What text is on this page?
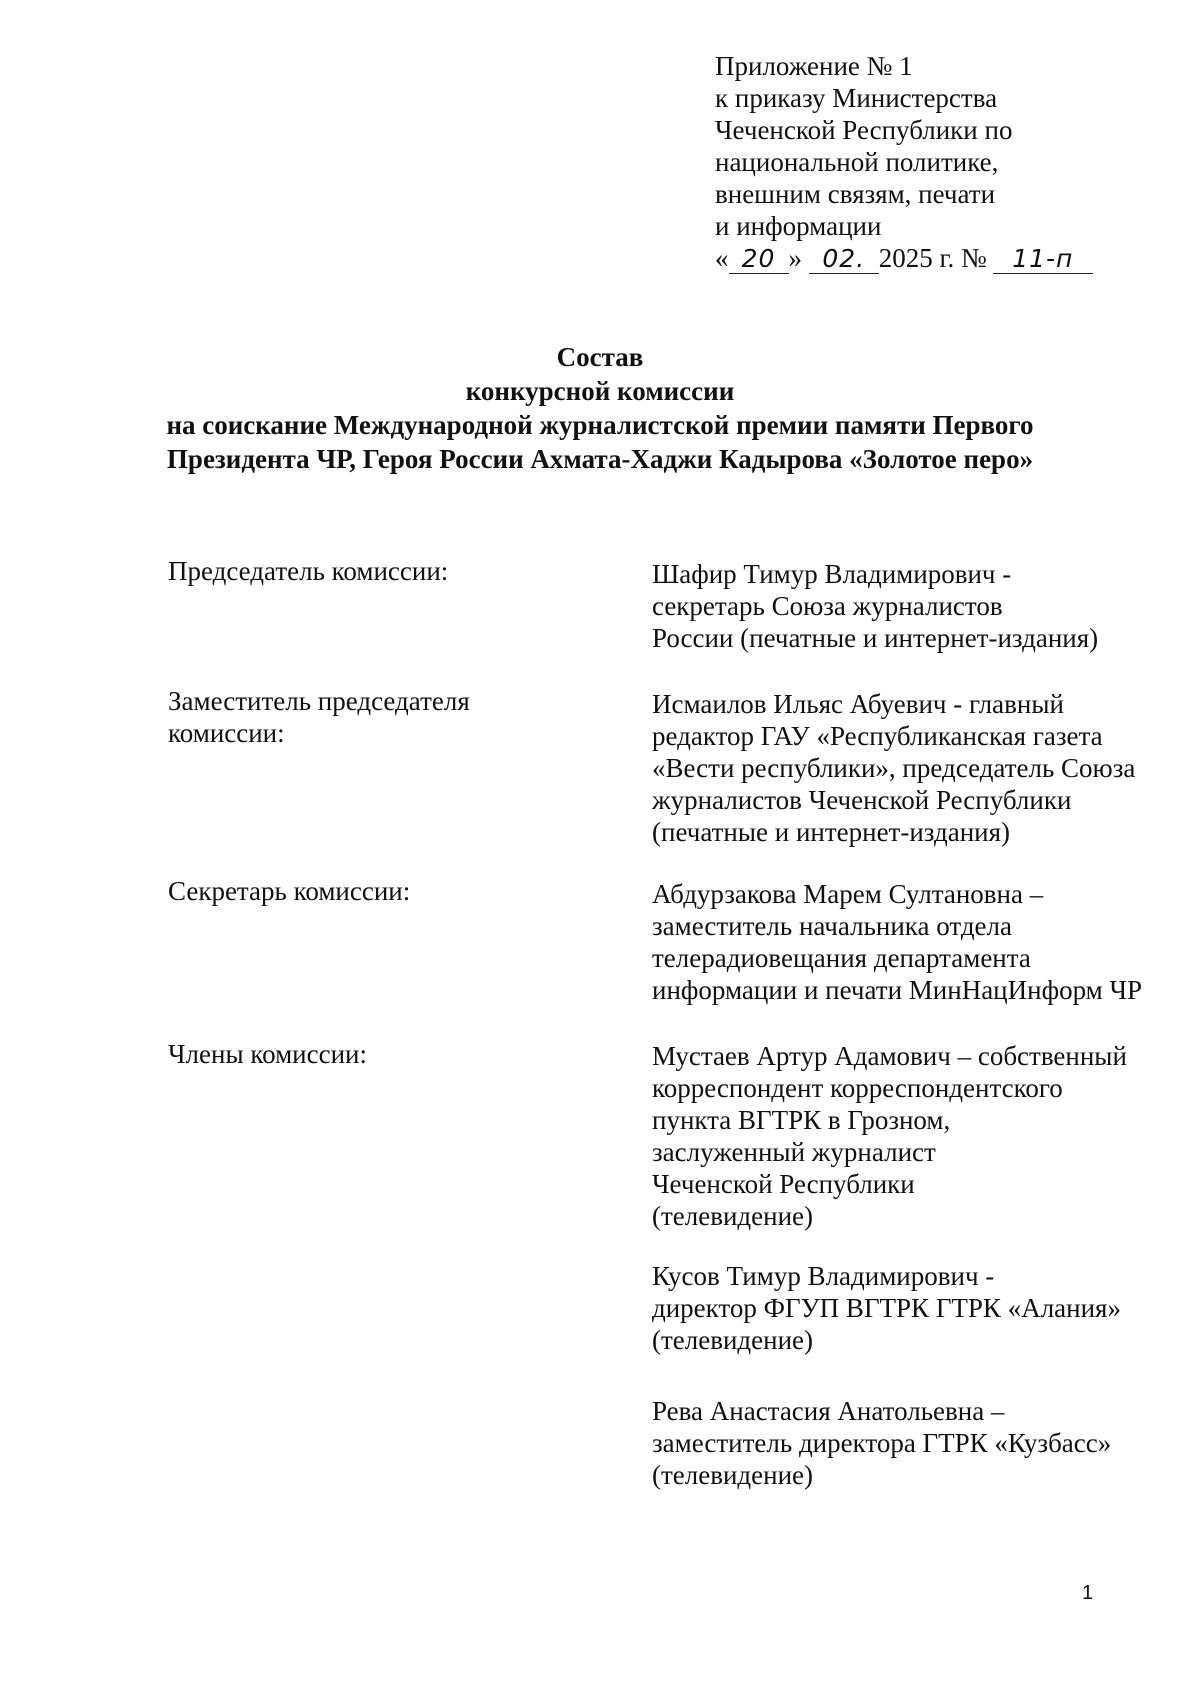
Приложение № 1
к приказу Министерства
Чеченской Республики по
национальной политике,
внешним связям, печати
и информации
« 20 » 02. 2025 г. № 11-п
Состав
конкурсной комиссии
на соискание Международной журналистской премии памяти Первого
Президента ЧР, Героя России Ахмата-Хаджи Кадырова «Золотое перо»
Председатель комиссии:	Шафир Тимур Владимирович -
секретарь Союза журналистов
России (печатные и интернет-издания)
Заместитель председателя
комиссии:
Исмаилов Ильяс Абуевич - главный
редактор ГАУ «Республиканская газета
«Вести республики», председатель Союза
журналистов Чеченской Республики
(печатные и интернет-издания)
Секретарь комиссии:	Абдурзакова Марем Султановна –
заместитель начальника отдела
телерадиовещания департамента
информации и печати МинНацИнформ ЧР
Члены комиссии:	Мустаев Артур Адамович – собственный
корреспондент корреспондентского
пункта ВГТРК в Грозном,
заслуженный журналист
Чеченской Республики
(телевидение)
Кусов Тимур Владимирович -
директор ФГУП ВГТРК ГТРК «Алания»
(телевидение)
Рева Анастасия Анатольевна –
заместитель директора ГТРК «Кузбасс»
(телевидение)
1
